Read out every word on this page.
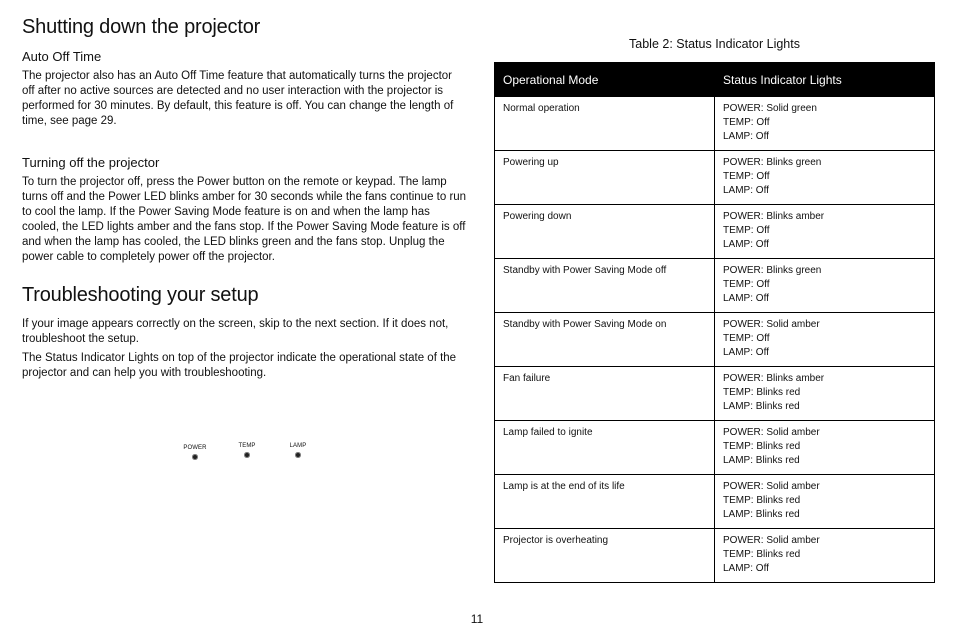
Shutting down the projector
Auto Off Time

The projector also has an Auto Off Time feature that automatically turns the projector off after no active sources are detected and no user interaction with the projector is performed for 30 minutes. By default, this feature is off. You can change the length of time, see page 29.

Turning off the projector

To turn the projector off, press the Power button on the remote or keypad. The lamp turns off and the Power LED blinks amber for 30 seconds while the fans continue to run to cool the lamp. If the Power Saving Mode feature is on and when the lamp has cooled, the LED lights amber and the fans stop. If the Power Saving Mode feature is off and when the lamp has cooled, the LED blinks green and the fans stop. Unplug the power cable to completely power off the projector.

Troubleshooting your setup

If your image appears correctly on the screen, skip to the next section. If it does not, troubleshoot the setup.

The Status Indicator Lights on top of the projector indicate the operational state of the projector and can help you with troubleshooting.

POWER	TEMP	LAMP
Table 2: Status Indicator Lights
Operational Mode	Status Indicator Lights
Normal operation	POWER: Solid green
TEMP: Off
LAMP: Off

Powering up	POWER: Blinks green
TEMP: Off
LAMP: Off

Powering down	POWER: Blinks amber
TEMP: Off
LAMP: Off

Standby with Power Saving Mode off	POWER: Blinks green
TEMP: Off
LAMP: Off

Standby with Power Saving Mode on	POWER: Solid amber
TEMP: Off
LAMP: Off

Fan failure	POWER: Blinks amber
TEMP: Blinks red
LAMP: Blinks red

Lamp failed to ignite	POWER: Solid amber
TEMP: Blinks red
LAMP: Blinks red

Lamp is at the end of its life	POWER: Solid amber
TEMP: Blinks red
LAMP: Blinks red

Projector is overheating	POWER: Solid amber
TEMP: Blinks red
LAMP: Off
11
